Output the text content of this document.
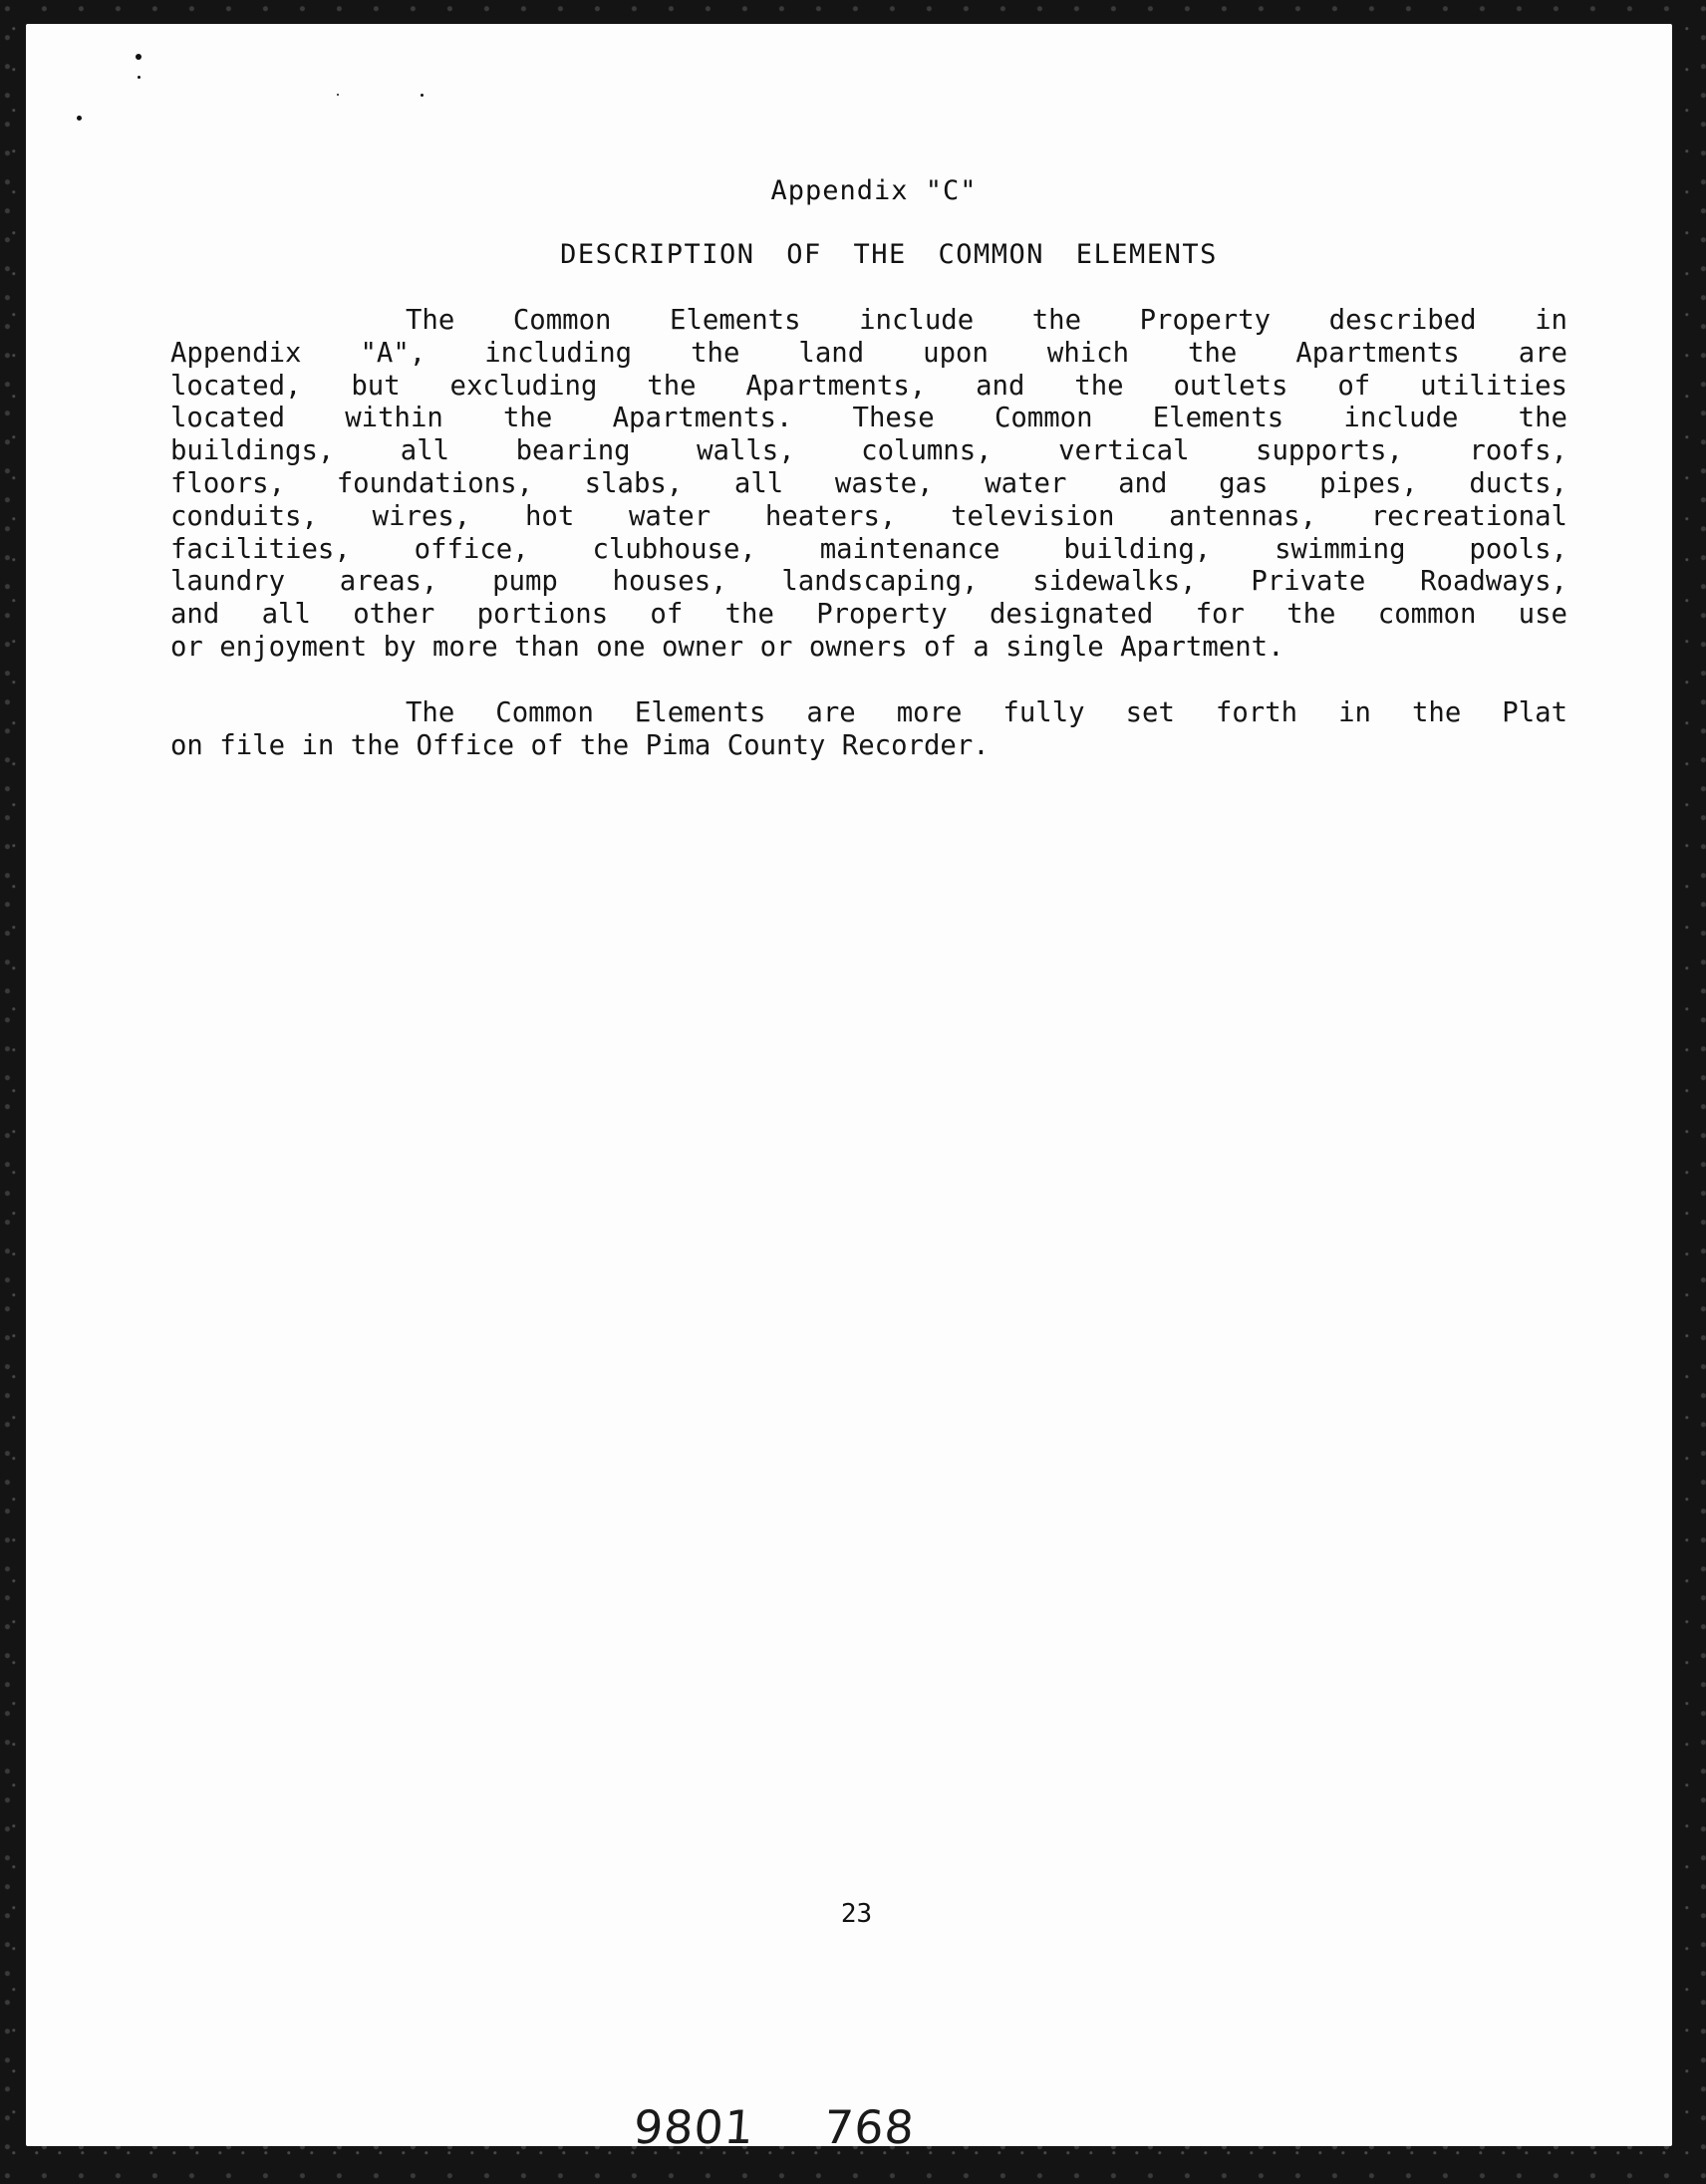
Appendix "C"
DESCRIPTION OF THE COMMON ELEMENTS

The Common Elements include the Property described in
Appendix "A", including the land upon which the Apartments are
located, but excluding the Apartments, and the outlets of utilities
located within the Apartments. These Common Elements include the
buildings, all bearing walls, columns, vertical supports, roofs,
floors, foundations, slabs, all waste, water and gas pipes, ducts,
conduits, wires, hot water heaters, television antennas, recreational
facilities, office, clubhouse, maintenance building, swimming pools,
laundry areas, pump houses, landscaping, sidewalks, Private Roadways,
and all other portions of the Property designated for the common use
or enjoyment by more than one owner or owners of a single Apartment.

The Common Elements are more fully set forth in the Plat
on file in the Office of the Pima County Recorder.

23
9801 768
